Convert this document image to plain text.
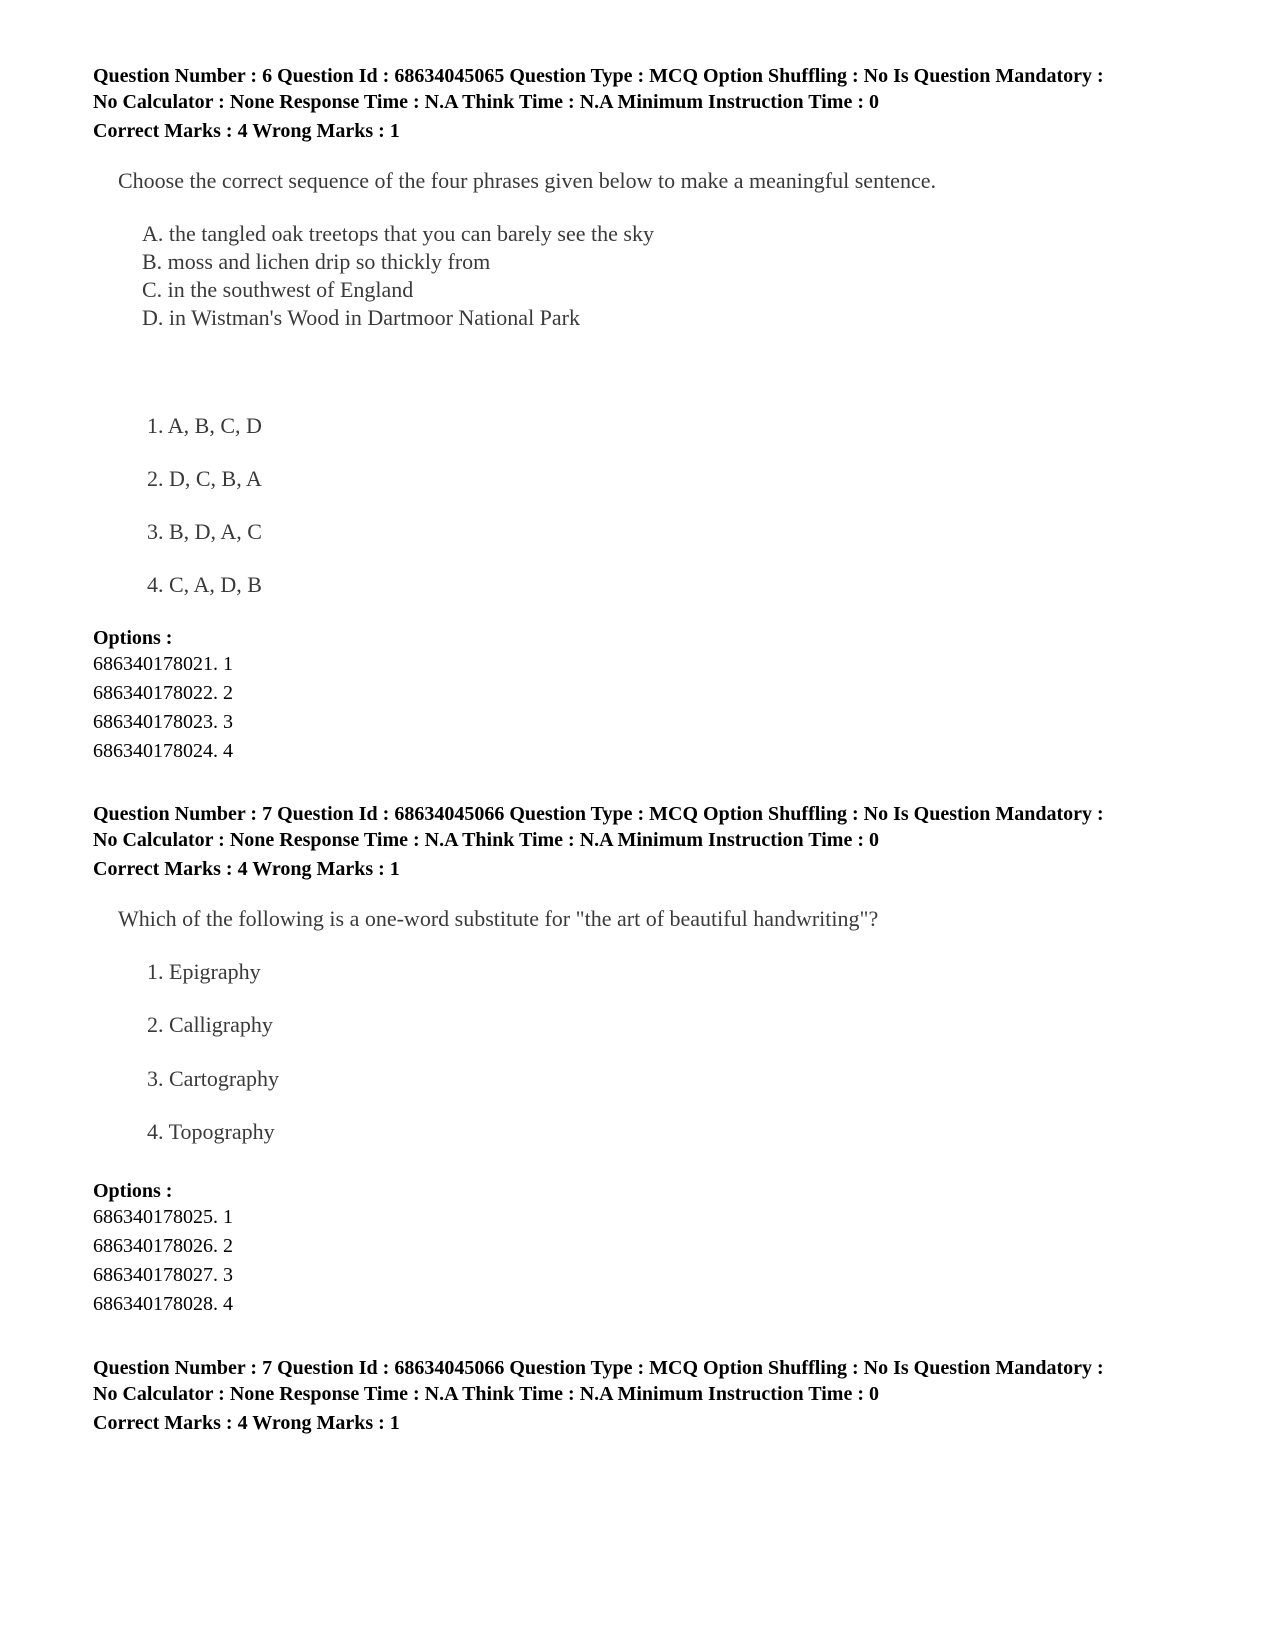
Question Number : 6 Question Id : 68634045065 Question Type : MCQ Option Shuffling : No Is Question Mandatory :

No Calculator : None Response Time : N.A Think Time : N.A Minimum Instruction Time : 0

Correct Marks : 4 Wrong Marks : 1
Choose the correct sequence of the four phrases given below to make a meaningful sentence.
A. the tangled oak treetops that you can barely see the sky
B. moss and lichen drip so thickly from
C. in the southwest of England
D. in Wistman's Wood in Dartmoor National Park
1. A, B, C, D
2. D, C, B, A
3. B, D, A, C
4. C, A, D, B
Options :
686340178021. 1
686340178022. 2
686340178023. 3
686340178024. 4

Question Number : 7 Question Id : 68634045066 Question Type : MCQ Option Shuffling : No Is Question Mandatory :

No Calculator : None Response Time : N.A Think Time : N.A Minimum Instruction Time : 0

Correct Marks : 4 Wrong Marks : 1
Which of the following is a one-word substitute for "the art of beautiful handwriting"?
1. Epigraphy
2. Calligraphy
3. Cartography
4. Topography
Options :
686340178025. 1
686340178026. 2
686340178027. 3
686340178028. 4

Question Number : 7 Question Id : 68634045066 Question Type : MCQ Option Shuffling : No Is Question Mandatory :

No Calculator : None Response Time : N.A Think Time : N.A Minimum Instruction Time : 0

Correct Marks : 4 Wrong Marks : 1
